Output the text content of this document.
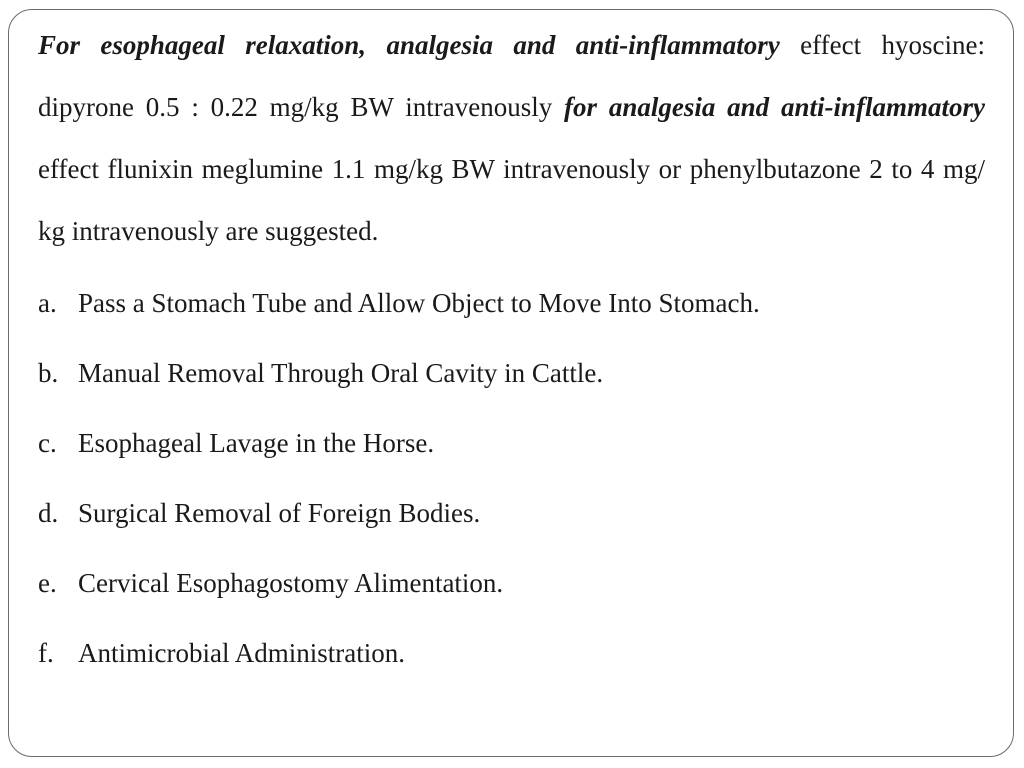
For esophageal relaxation, analgesia and anti-inflammatory effect hyoscine: dipyrone 0.5 : 0.22 mg/kg BW intravenously for analgesia and anti-inflammatory effect flunixin meglumine 1.1 mg/kg BW intravenously or phenylbutazone 2 to 4 mg/ kg intravenously are suggested.

a. Pass a Stomach Tube and Allow Object to Move Into Stomach.
b. Manual Removal Through Oral Cavity in Cattle.
c. Esophageal Lavage in the Horse.
d. Surgical Removal of Foreign Bodies.
e. Cervical Esophagostomy Alimentation.
f. Antimicrobial Administration.
